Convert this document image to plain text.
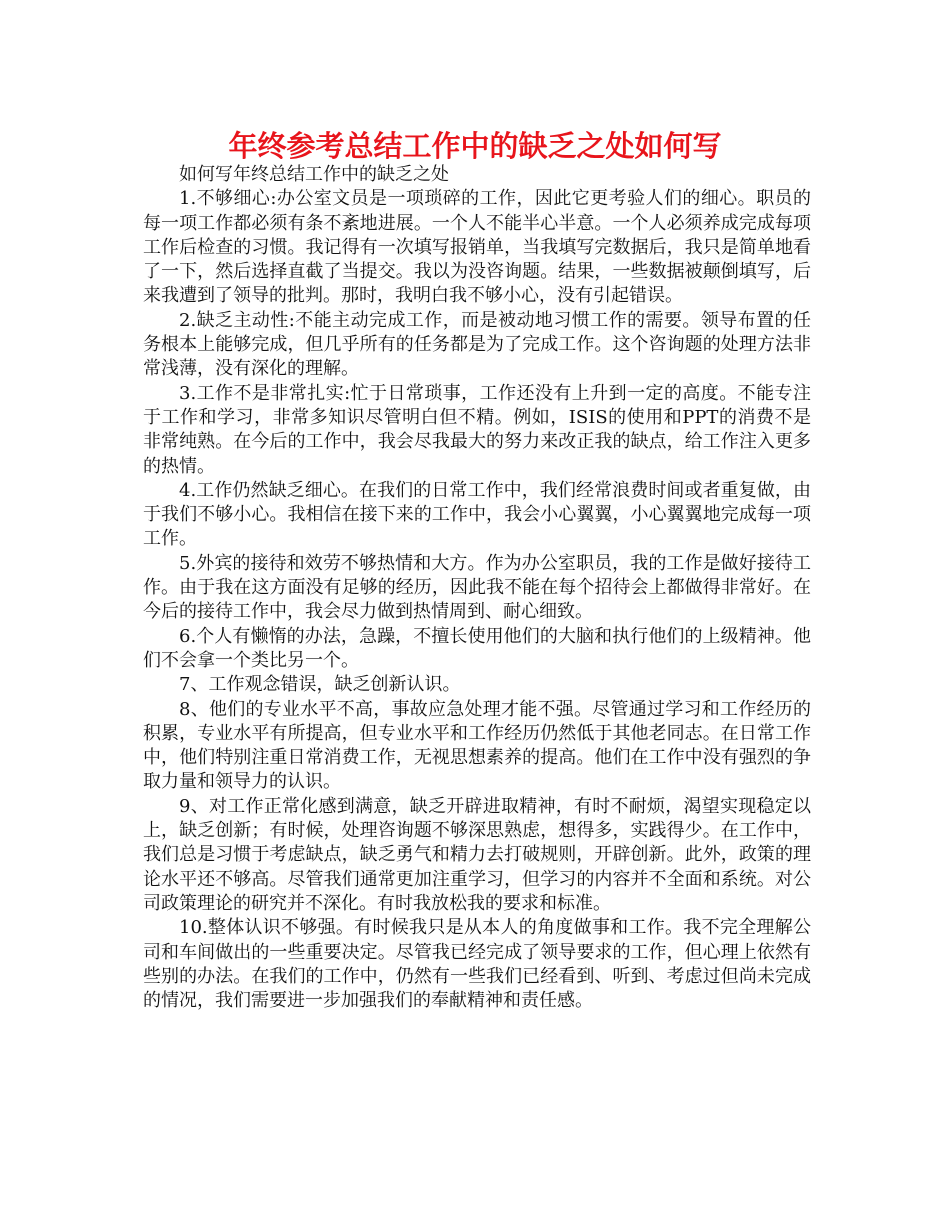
年终参考总结工作中的缺乏之处如何写

如何写年终总结工作中的缺乏之处

1.不够细心:办公室文员是一项琐碎的工作，因此它更考验人们的细心。职员的每一项工作都必须有条不紊地进展。一个人不能半心半意。一个人必须养成完成每项工作后检查的习惯。我记得有一次填写报销单，当我填写完数据后，我只是简单地看了一下，然后选择直截了当提交。我以为没咨询题。结果，一些数据被颠倒填写，后来我遭到了领导的批判。那时，我明白我不够小心，没有引起错误。

2.缺乏主动性:不能主动完成工作，而是被动地习惯工作的需要。领导布置的任务根本上能够完成，但几乎所有的任务都是为了完成工作。这个咨询题的处理方法非常浅薄，没有深化的理解。

3.工作不是非常扎实:忙于日常琐事，工作还没有上升到一定的高度。不能专注于工作和学习，非常多知识尽管明白但不精。例如，ISIS的使用和PPT的消费不是非常纯熟。在今后的工作中，我会尽我最大的努力来改正我的缺点，给工作注入更多的热情。

4.工作仍然缺乏细心。在我们的日常工作中，我们经常浪费时间或者重复做，由于我们不够小心。我相信在接下来的工作中，我会小心翼翼，小心翼翼地完成每一项工作。

5.外宾的接待和效劳不够热情和大方。作为办公室职员，我的工作是做好接待工作。由于我在这方面没有足够的经历，因此我不能在每个招待会上都做得非常好。在今后的接待工作中，我会尽力做到热情周到、耐心细致。

6.个人有懒惰的办法，急躁，不擅长使用他们的大脑和执行他们的上级精神。他们不会拿一个类比另一个。

7、工作观念错误，缺乏创新认识。

8、他们的专业水平不高，事故应急处理才能不强。尽管通过学习和工作经历的积累，专业水平有所提高，但专业水平和工作经历仍然低于其他老同志。在日常工作中，他们特别注重日常消费工作，无视思想素养的提高。他们在工作中没有强烈的争取力量和领导力的认识。

9、对工作正常化感到满意，缺乏开辟进取精神，有时不耐烦，渴望实现稳定以上，缺乏创新；有时候，处理咨询题不够深思熟虑，想得多，实践得少。在工作中，我们总是习惯于考虑缺点，缺乏勇气和精力去打破规则，开辟创新。此外，政策的理论水平还不够高。尽管我们通常更加注重学习，但学习的内容并不全面和系统。对公司政策理论的研究并不深化。有时我放松我的要求和标准。

10.整体认识不够强。有时候我只是从本人的角度做事和工作。我不完全理解公司和车间做出的一些重要决定。尽管我已经完成了领导要求的工作，但心理上依然有些别的办法。在我们的工作中，仍然有一些我们已经看到、听到、考虑过但尚未完成的情况，我们需要进一步加强我们的奉献精神和责任感。
